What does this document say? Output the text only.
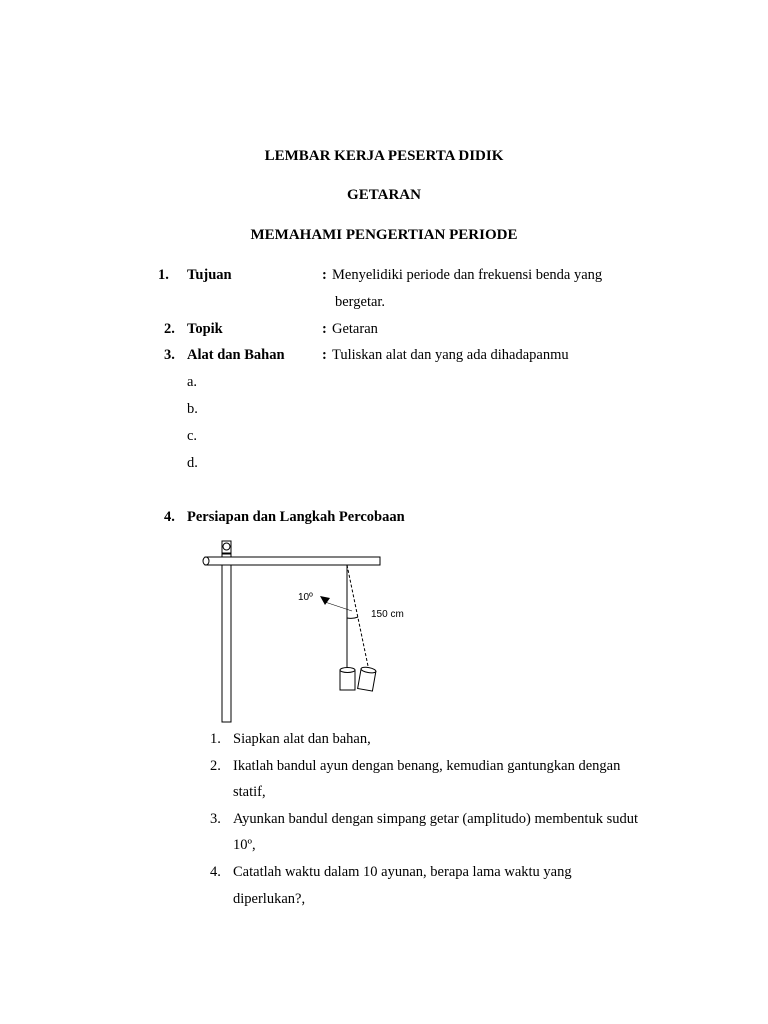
LEMBAR KERJA PESERTA DIDIK
GETARAN
MEMAHAMI PENGERTIAN PERIODE
1. Tujuan	: Menyelidiki periode dan frekuensi benda yang
bergetar.
2. Topik	: Getaran
3. Alat dan Bahan	: Tuliskan alat dan yang ada dihadapanmu
a.
b.
c.
d.
4. Persiapan dan Langkah Percobaan
10º
150 cm
1. Siapkan alat dan bahan,
2. Ikatlah bandul ayun dengan benang, kemudian gantungkan dengan
statif,
3. Ayunkan bandul dengan simpang getar (amplitudo) membentuk sudut
10º,
4. Catatlah waktu dalam 10 ayunan, berapa lama waktu yang
diperlukan?,
